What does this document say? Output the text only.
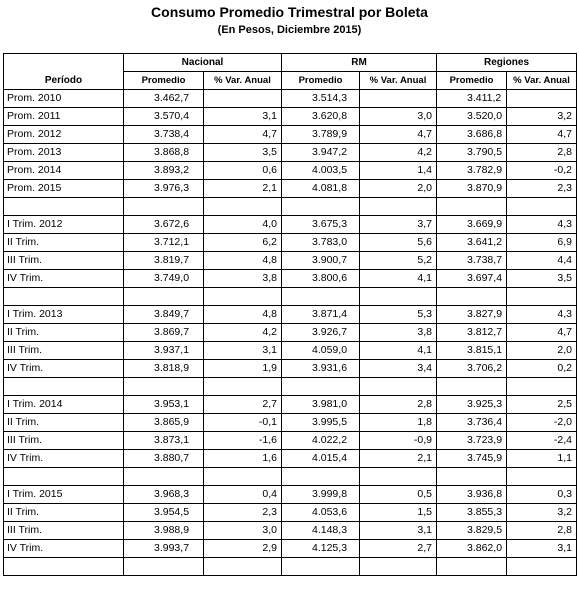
Consumo Promedio Trimestral por Boleta
(En Pesos, Diciembre 2015)
Período	Nacional		RM		Regiones	
	Promedio	% Var. Anual	Promedio	% Var. Anual	Promedio	% Var. Anual
Prom. 2010	3.462,7		3.514,3		3.411,2	
Prom. 2011	3.570,4	3,1	3.620,8	3,0	3.520,0	3,2
Prom. 2012	3.738,4	4,7	3.789,9	4,7	3.686,8	4,7
Prom. 2013	3.868,8	3,5	3.947,2	4,2	3.790,5	2,8
Prom. 2014	3.893,2	0,6	4.003,5	1,4	3.782,9	-0,2
Prom. 2015	3.976,3	2,1	4.081,8	2,0	3.870,9	2,3

I Trim. 2012	3.672,6	4,0	3.675,3	3,7	3.669,9	4,3
II Trim.	3.712,1	6,2	3.783,0	5,6	3.641,2	6,9
III Trim.	3.819,7	4,8	3.900,7	5,2	3.738,7	4,4
IV Trim.	3.749,0	3,8	3.800,6	4,1	3.697,4	3,5

I Trim. 2013	3.849,7	4,8	3.871,4	5,3	3.827,9	4,3
II Trim.	3.869,7	4,2	3.926,7	3,8	3.812,7	4,7
III Trim.	3.937,1	3,1	4.059,0	4,1	3.815,1	2,0
IV Trim.	3.818,9	1,9	3.931,6	3,4	3.706,2	0,2

I Trim. 2014	3.953,1	2,7	3.981,0	2,8	3.925,3	2,5
II Trim.	3.865,9	-0,1	3.995,5	1,8	3.736,4	-2,0
III Trim.	3.873,1	-1,6	4.022,2	-0,9	3.723,9	-2,4
IV Trim.	3.880,7	1,6	4.015,4	2,1	3.745,9	1,1

I Trim. 2015	3.968,3	0,4	3.999,8	0,5	3.936,8	0,3
II Trim.	3.954,5	2,3	4.053,6	1,5	3.855,3	3,2
III Trim.	3.988,9	3,0	4.148,3	3,1	3.829,5	2,8
IV Trim.	3.993,7	2,9	4.125,3	2,7	3.862,0	3,1
